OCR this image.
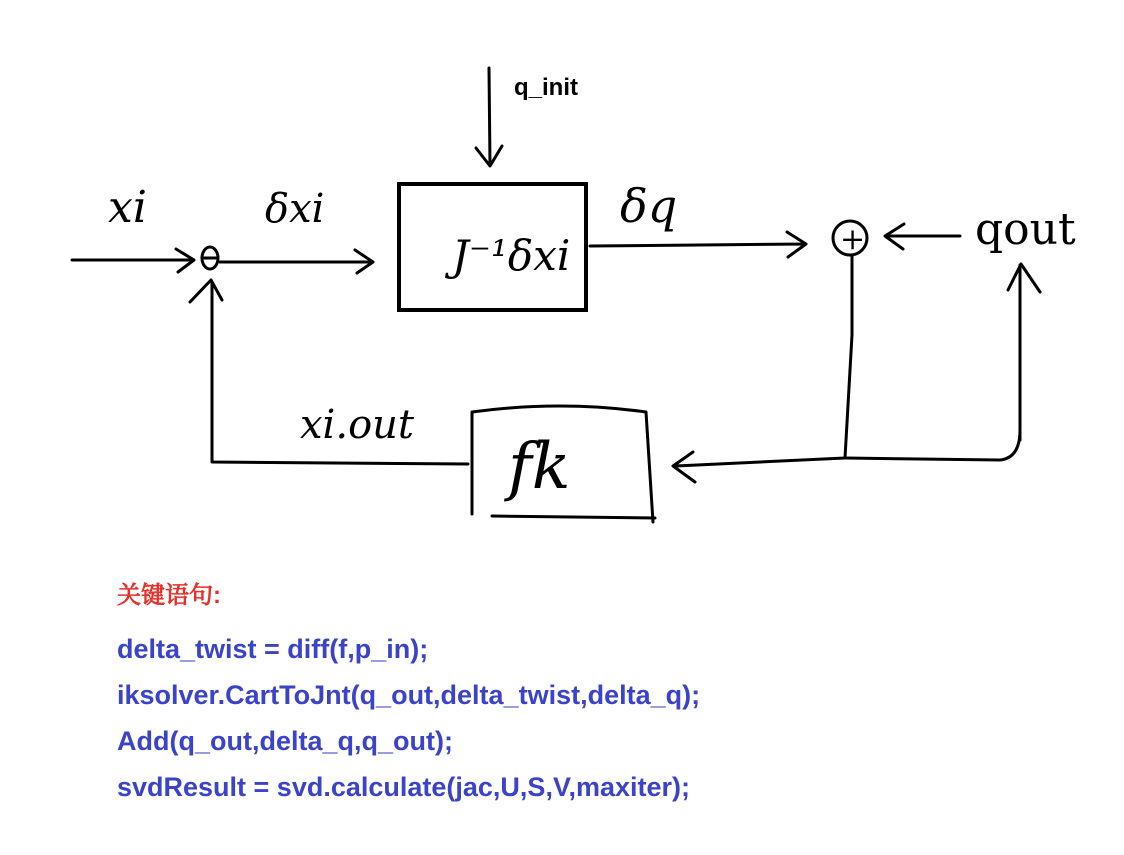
q_init
xi	δxi
J⁻¹δxi
δq
+ qout
fk
xi.out
关键语句:
delta_twist = diff(f,p_in);
iksolver.CartToJnt(q_out,delta_twist,delta_q);
Add(q_out,delta_q,q_out);
svdResult = svd.calculate(jac,U,S,V,maxiter);
